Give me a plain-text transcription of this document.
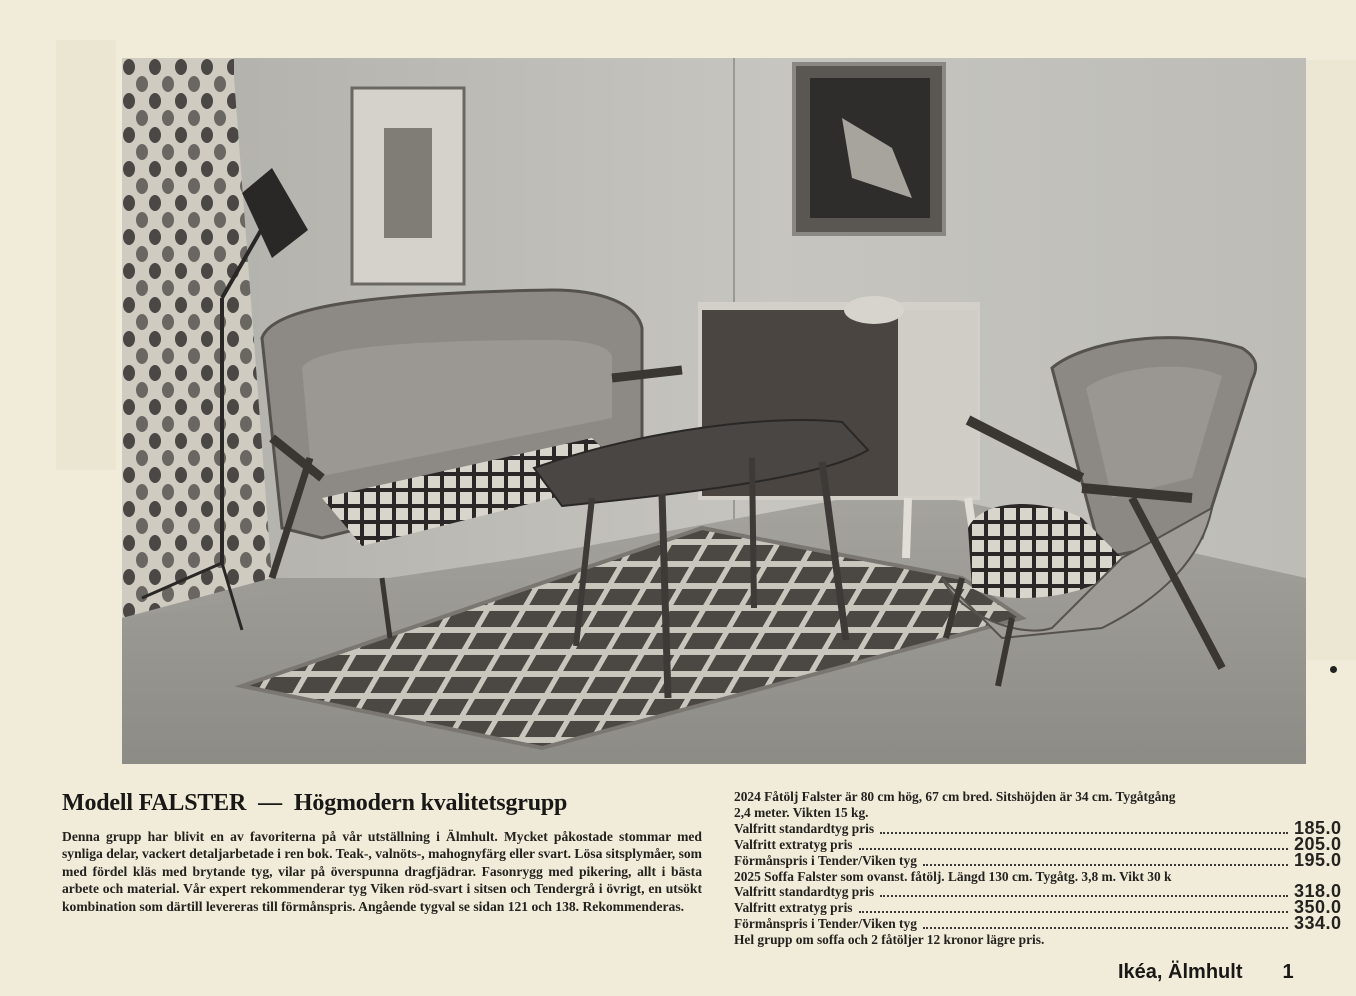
Modell FALSTER — Högmodern kvalitetsgrupp
Denna grupp har blivit en av favoriterna på vår utställning i Älmhult. Mycket påkostade stommar med synliga delar, vackert detaljarbetade i ren bok. Teak-, valnöts-, mahognyfärg eller svart. Lösa sitsplymåer, som med fördel kläs med brytande tyg, vilar på överspunna dragfjädrar. Fasonrygg med pikering, allt i bästa arbete och material. Vår expert rekommenderar tyg Viken röd-svart i sitsen och Tendergrå i övrigt, en utsökt kombination som därtill levereras till förmånspris. Angående tygval se sidan 121 och 138. Rekommenderas.
2024 Fåtölj Falster är 80 cm hög, 67 cm bred. Sitshöjden är 34 cm. Tygåtgång
2,4 meter. Vikten 15 kg.
Valfritt standardtyg pris	185.0
Valfritt extratyg pris	205.0
Förmånspris i Tender/Viken tyg	195.0
2025 Soffa Falster som ovanst. fåtölj. Längd 130 cm. Tygåtg. 3,8 m. Vikt 30 k
Valfritt standardtyg pris	318.0
Valfritt extratyg pris	350.0
Förmånspris i Tender/Viken tyg	334.0
Hel grupp om soffa och 2 fåtöljer 12 kronor lägre pris.
Ikéa, Älmhult 1
